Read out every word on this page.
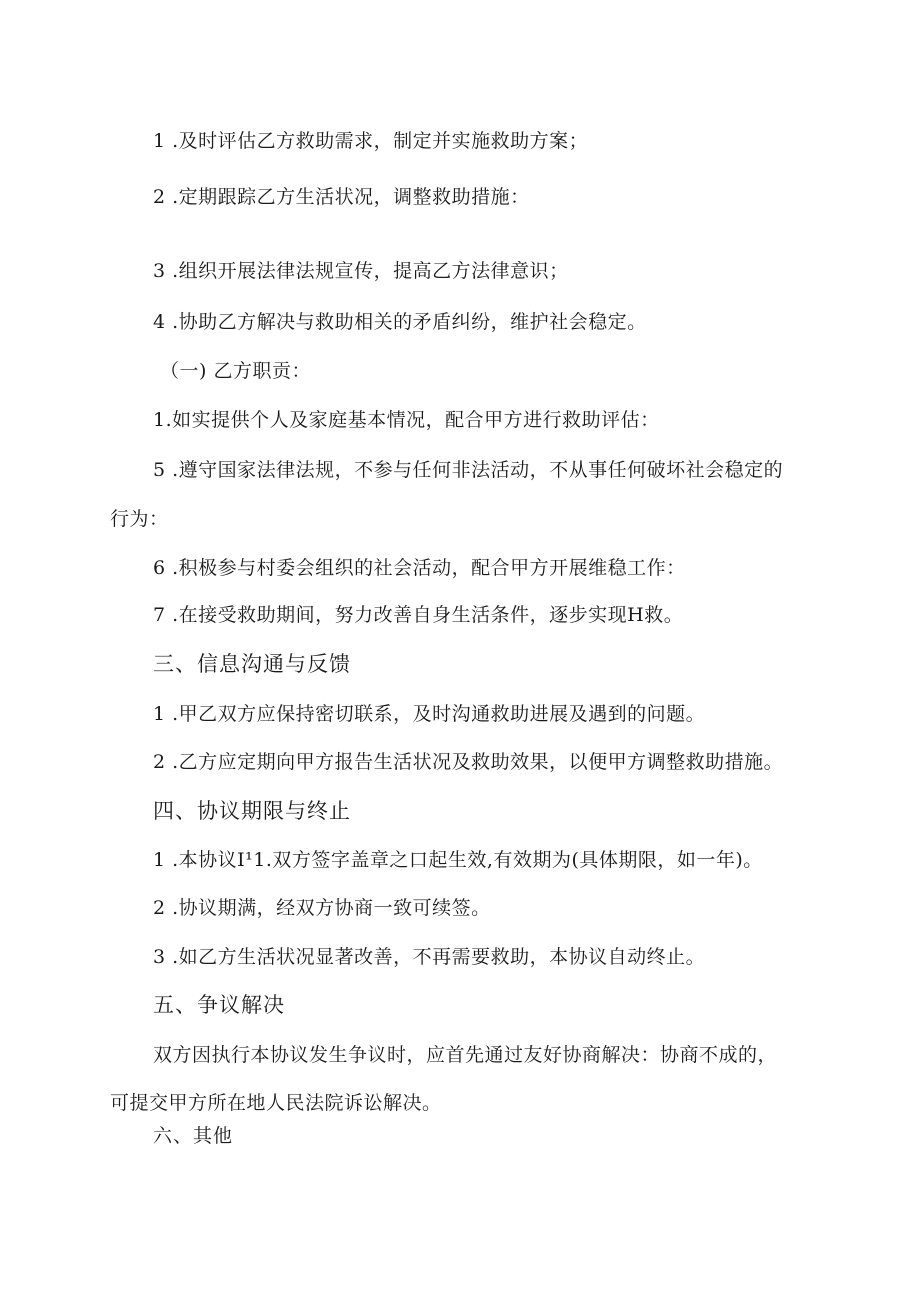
1 .及时评估乙方救助需求，制定并实施救助方案；
2 .定期跟踪乙方生活状况，调整救助措施：
3 .组织开展法律法规宣传，提高乙方法律意识；
4 .协助乙方解决与救助相关的矛盾纠纷，维护社会稳定。
（一) 乙方职贡：
1.如实提供个人及家庭基本情况，配合甲方进行救助评估：
5 .遵守国家法律法规，不参与任何非法活动，不从事任何破坏社会稳定的
行为：
6 .积极参与村委会组织的社会活动，配合甲方开展维稳工作：
7 .在接受救助期间，努力改善自身生活条件，逐步实现H救。
三、信息沟通与反馈
1 .甲乙双方应保持密切联系，及时沟通救助进展及遇到的问题。
2 .乙方应定期向甲方报告生活状况及救助效果，以便甲方调整救助措施。
四、协议期限与终止
1 .本协议I¹1.双方签字盖章之口起生效,有效期为(具体期限，如一年)。
2 .协议期满，经双方协商一致可续签。
3 .如乙方生活状况显著改善，不再需要救助，本协议自动终止。
五、争议解决
双方因执行本协议发生争议时，应首先通过友好协商解决：协商不成的，
可提交甲方所在地人民法院诉讼解决。
六、其他
